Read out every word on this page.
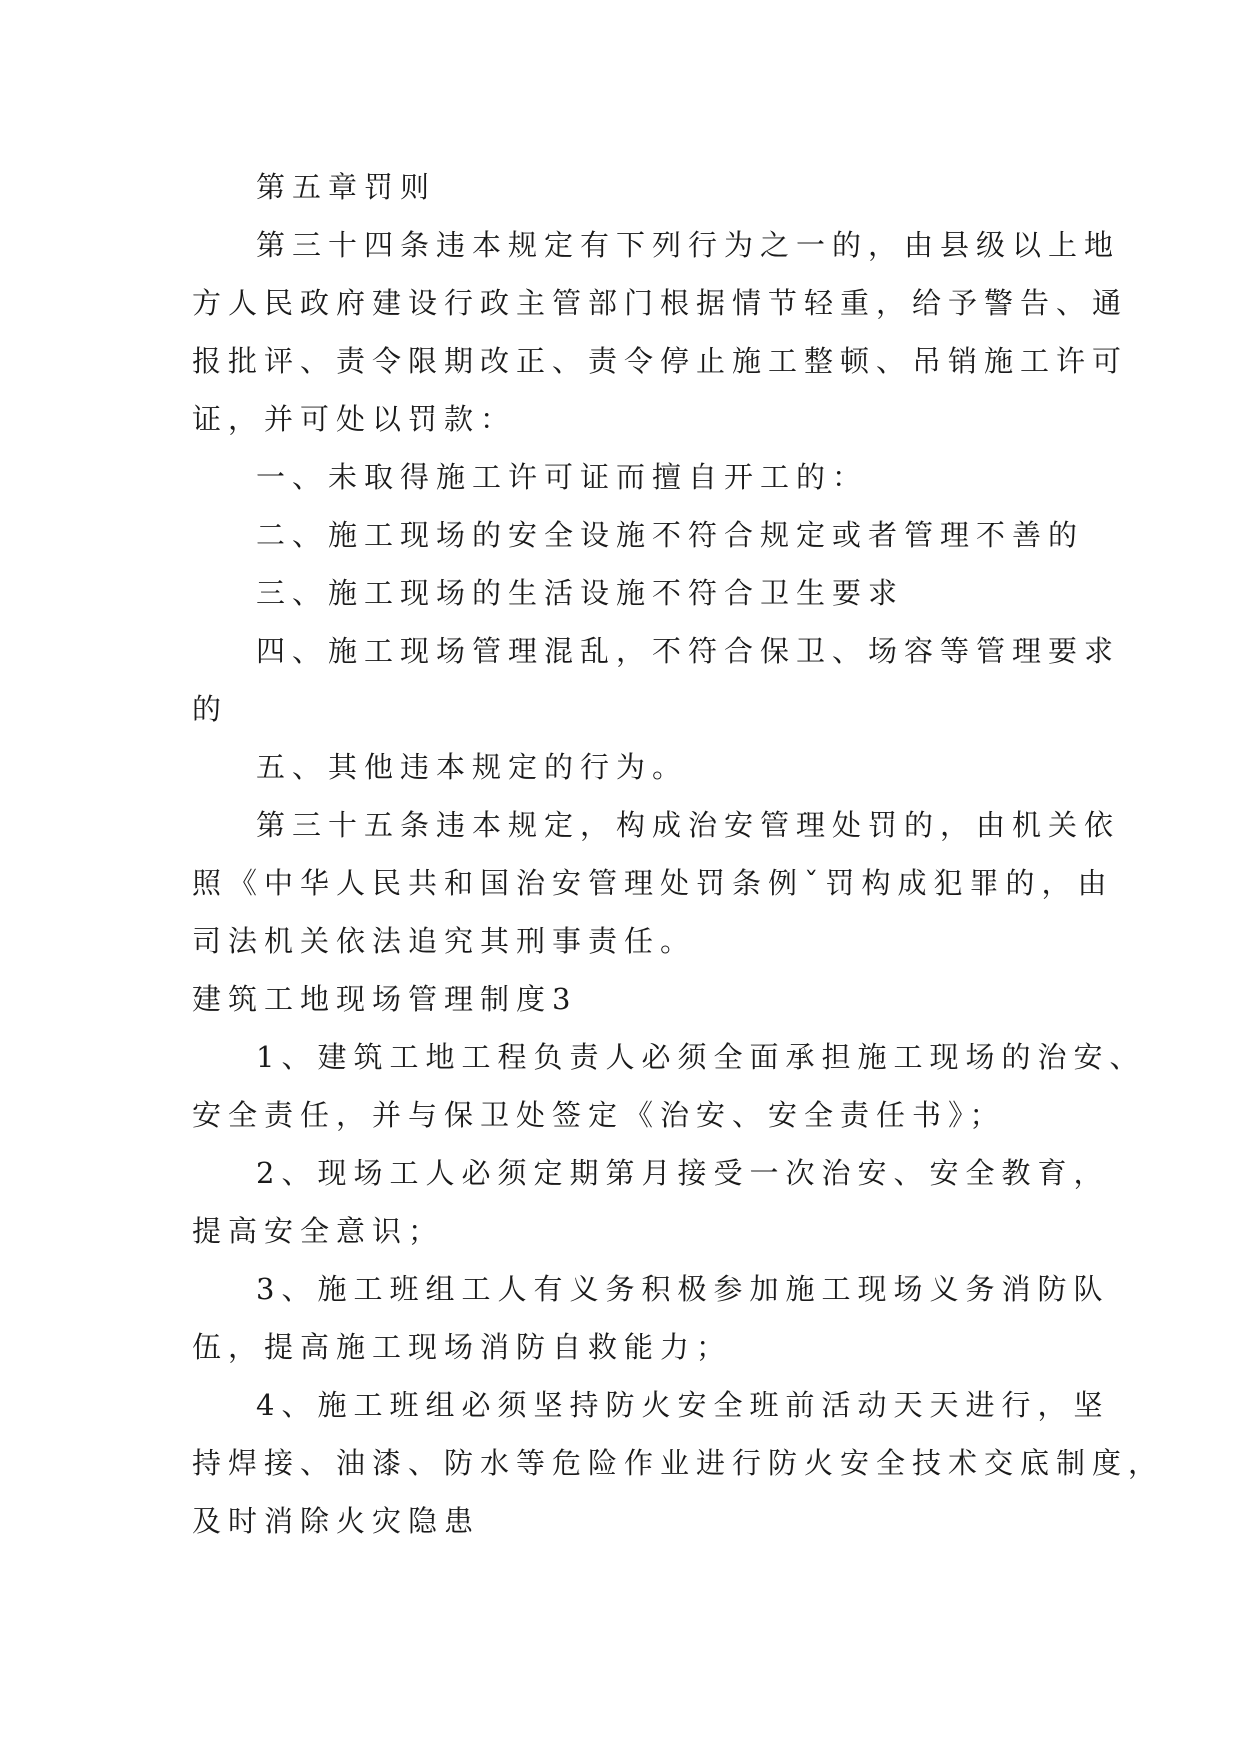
第五章罚则

第三十四条违本规定有下列行为之一的，由县级以上地

方人民政府建设行政主管部门根据情节轻重，给予警告、通

报批评、责令限期改正、责令停止施工整顿、吊销施工许可

证，并可处以罚款：

一、未取得施工许可证而擅自开工的：

二、施工现场的安全设施不符合规定或者管理不善的

三、施工现场的生活设施不符合卫生要求

四、施工现场管理混乱，不符合保卫、场容等管理要求

的

五、其他违本规定的行为。

第三十五条违本规定，构成治安管理处罚的，由机关依

照《中华人民共和国治安管理处罚条例ˇ罚构成犯罪的，由

司法机关依法追究其刑事责任。

建筑工地现场管理制度3

1、建筑工地工程负责人必须全面承担施工现场的治安、

安全责任，并与保卫处签定《治安、安全责任书》；

2、现场工人必须定期第月接受一次治安、安全教育，

提高安全意识；

3、施工班组工人有义务积极参加施工现场义务消防队

伍，提高施工现场消防自救能力；

4、施工班组必须坚持防火安全班前活动天天进行，坚

持焊接、油漆、防水等危险作业进行防火安全技术交底制度，

及时消除火灾隐患
